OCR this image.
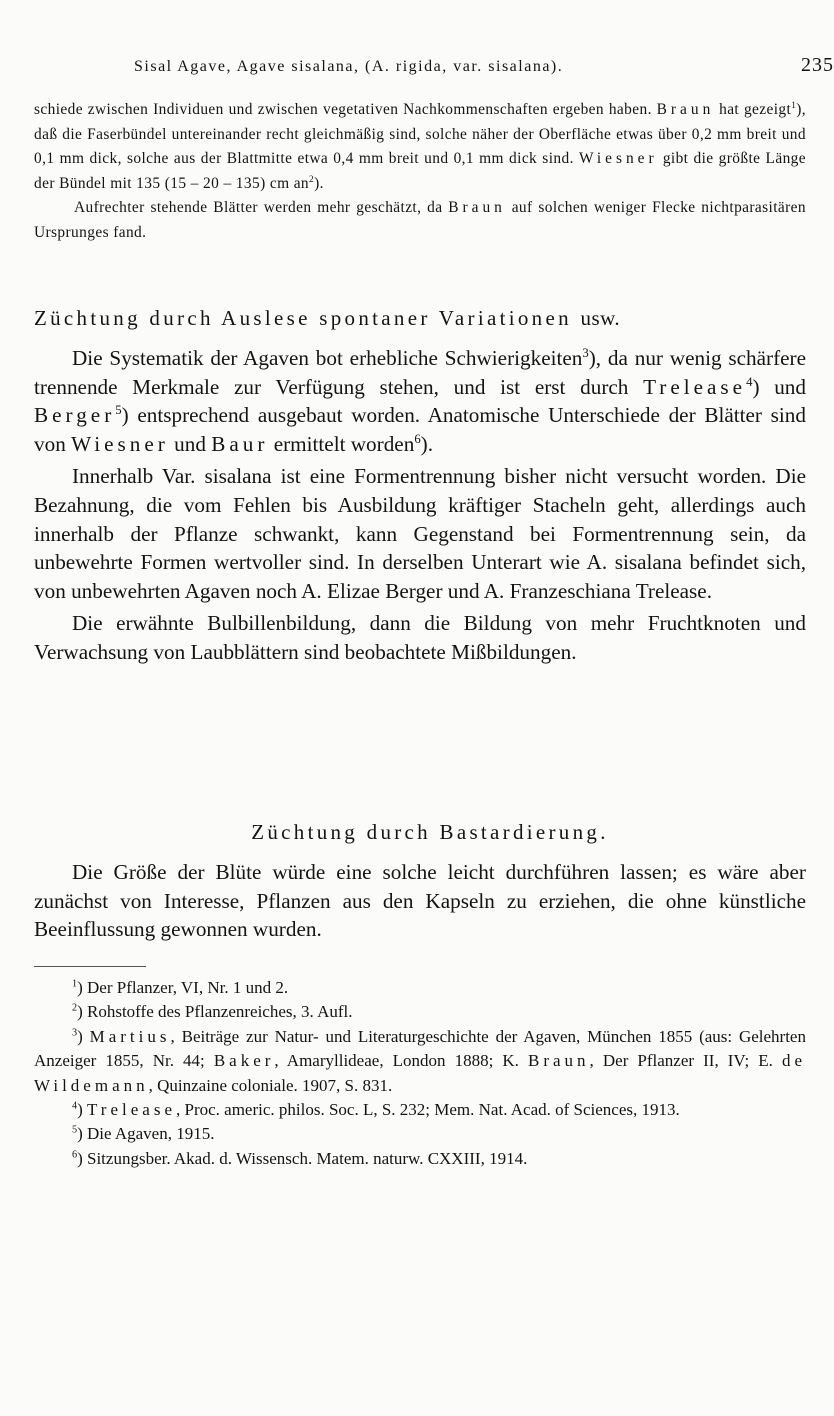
Sisal Agave, Agave sisalana, (A. rigida, var. sisalana).	235

schiede zwischen Individuen und zwischen vegetativen Nachkommenschaften ergeben haben. Braun hat gezeigt$^1$), daß die Faserbündel untereinander recht gleichmäßig sind, solche näher der Oberfläche etwas über 0,2 mm breit und 0,1 mm dick, solche aus der Blattmitte etwa 0,4 mm breit und 0,1 mm dick sind. Wiesner gibt die größte Länge der Bündel mit 135 (15 – 20 – 135) cm $an^2$).

Aufrechter stehende Blätter werden mehr geschätzt, da Braun auf solchen weniger Flecke nichtparasitären Ursprunges fand.

Züchtung durch Auslese spontaner Variationen usw.

Die Systematik der Agaven bot erhebliche Schwierigkeiten$^3$), da nur wenig schärfere trennende Merkmale zur Verfügung stehen, und ist erst durch Trelease$^4$) und Berger$^5$) entsprechend ausgebaut worden. Anatomische Unterschiede der Blätter sind von Wiesner und Baur ermittelt worden$^6$).

Innerhalb Var. sisalana ist eine Formentrennung bisher nicht versucht worden. Die Bezahnung, die vom Fehlen bis Ausbildung kräftiger Stacheln geht, allerdings auch innerhalb der Pflanze schwankt, kann Gegenstand bei Formentrennung sein, da unbewehrte Formen wertvoller sind. In derselben Unterart wie A. sisalana befindet sich, von unbewehrten Agaven noch A. Elizae Berger und A. Franzeschiana Trelease.

Die erwähnte Bulbillenbildung, dann die Bildung von mehr Fruchtknoten und Verwachsung von Laubblättern sind beobachtete Mißbildungen.

Züchtung durch Bastardierung.

Die Größe der Blüte würde eine solche leicht durchführen lassen; es wäre aber zunächst von Interesse, Pflanzen aus den Kapseln zu erziehen, die ohne künstliche Beeinflussung gewonnen wurden.

$^1$) Der Pflanzer, VI, Nr. 1 und 2.

$^2$) Rohstoffe des Pflanzenreiches, 3. Aufl.

$^3$) Martius, Beiträge zur Natur- und Literaturgeschichte der Agaven, München 1855 (aus: Gelehrten Anzeiger 1855, Nr. 44; Baker, Amaryllideae, London 1888; K. Braun, Der Pflanzer II, IV; E. de Wildemann, Quinzaine coloniale. 1907, S. 831.

$^4$) Trelease, Proc. americ. philos. Soc. L, S. 232; Mem. Nat. Acad. of Sciences, 1913.

$^5$) Die Agaven, 1915.

$^6$) Sitzungsber. Akad. d. Wissensch. Matem. naturw. CXXIII, 1914.
